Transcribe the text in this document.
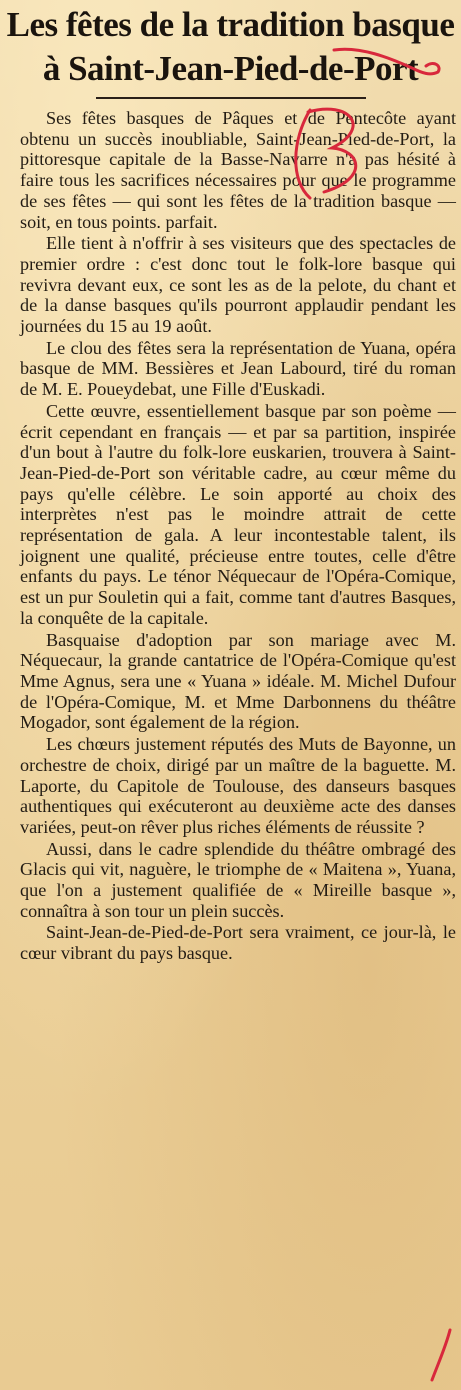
Les fêtes de la tradition basque
à Saint-Jean-Pied-de-Port

Ses fêtes basques de Pâques et de Pentecôte ayant obtenu un succès inoubliable, Saint-Jean-Pied-de-Port, la pittoresque capitale de la Basse-Navarre n'a pas hésité à faire tous les sacrifices nécessaires pour que le programme de ses fêtes — qui sont les fêtes de la tradition basque — soit, en tous points. parfait.

Elle tient à n'offrir à ses visiteurs que des spectacles de premier ordre : c'est donc tout le folk-lore basque qui revivra devant eux, ce sont les as de la pelote, du chant et de la danse basques qu'ils pourront applaudir pendant les journées du 15 au 19 août.

Le clou des fêtes sera la représentation de Yuana, opéra basque de MM. Bessières et Jean Labourd, tiré du roman de M. E. Poueydebat, une Fille d'Euskadi.

Cette œuvre, essentiellement basque par son poème — écrit cependant en français — et par sa partition, inspirée d'un bout à l'autre du folk-lore euskarien, trouvera à Saint-Jean-Pied-de-Port son véritable cadre, au cœur même du pays qu'elle célèbre. Le soin apporté au choix des interprètes n'est pas le moindre attrait de cette représentation de gala. A leur incontestable talent, ils joignent une qualité, précieuse entre toutes, celle d'être enfants du pays. Le ténor Néquecaur de l'Opéra-Comique, est un pur Souletin qui a fait, comme tant d'autres Basques, la conquête de la capitale.

Basquaise d'adoption par son mariage avec M. Néquecaur, la grande cantatrice de l'Opéra-Comique qu'est Mme Agnus, sera une « Yuana » idéale. M. Michel Dufour de l'Opéra-Comique, M. et Mme Darbonnens du théâtre Mogador, sont également de la région.

Les chœurs justement réputés des Muts de Bayonne, un orchestre de choix, dirigé par un maître de la baguette. M. Laporte, du Capitole de Toulouse, des danseurs basques authentiques qui exécuteront au deuxième acte des danses variées, peut-on rêver plus riches éléments de réussite ?

Aussi, dans le cadre splendide du théâtre ombragé des Glacis qui vit, naguère, le triomphe de « Maitena », Yuana, que l'on a justement qualifiée de « Mireille basque », connaîtra à son tour un plein succès.

Saint-Jean-de-Pied-de-Port sera vraiment, ce jour-là, le cœur vibrant du pays basque.
